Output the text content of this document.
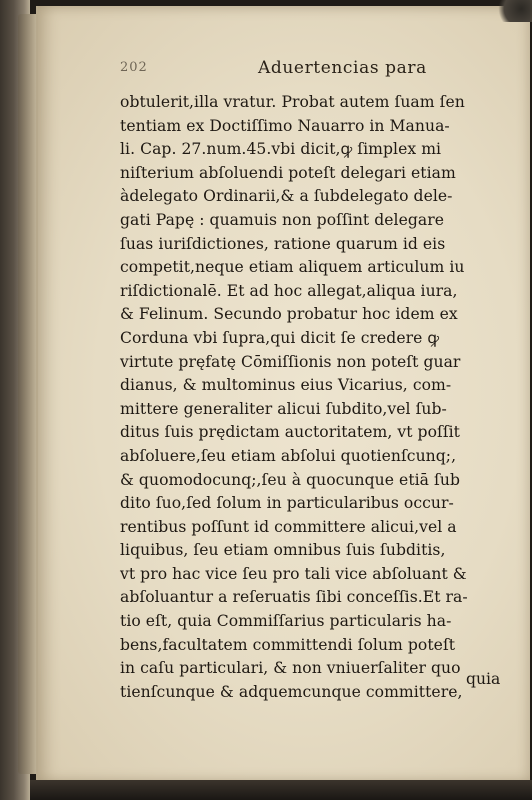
202	Aduertencias para
obtulerit,illa vratur. Probat autem ſuam ſen
tentiam ex Doctiſſimo Nauarro in Manua-
li. Cap. 27.num.45.vbi dicit,ꝙ ſimplex mi
niſterium abſoluendi poteſt delegari etiam
àdelegato Ordinarii,& a ſubdelegato dele-
gati Papę : quamuis non poſſint delegare
ſuas iuriſdictiones, ratione quarum id eis
competit,neque etiam aliquem articulum iu
riſdictionalē. Et ad hoc allegat,aliqua iura,
& Felinum. Secundo probatur hoc idem ex
Corduna vbi ſupra,qui dicit ſe credere ꝙ
virtute pręfatę Cōmiſſionis non poteſt guar
dianus, & multominus eius Vicarius, com-
mittere generaliter alicui ſubdito,vel ſub-
ditus ſuis prędictam auctoritatem, vt poſſit
abſoluere,ſeu etiam abſolui quotienſcunq;,
& quomodocunq;,ſeu à quocunque etiā ſub
dito ſuo,ſed ſolum in particularibus occur-
rentibus poſſunt id committere alicui,vel a
liquibus, ſeu etiam omnibus ſuis ſubditis,
vt pro hac vice ſeu pro tali vice abſoluant &
abſoluantur a reſeruatis ſibi conceſſis.Et ra-
tio eſt, quia Commiſſarius particularis ha-
bens,facultatem committendi ſolum poteſt
in caſu particulari, & non vniuerſaliter quo
tienſcunque & adquemcunque committere,
quia
